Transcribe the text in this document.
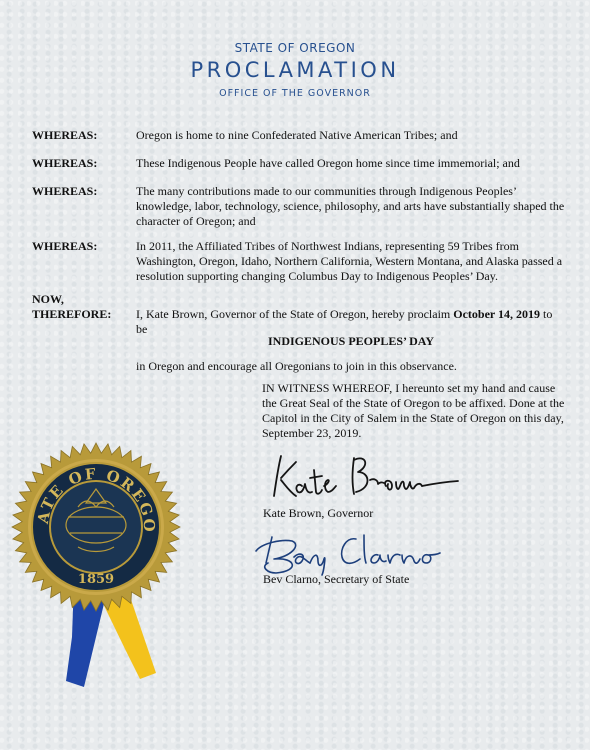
STATE OF OREGON
PROCLAMATION
OFFICE OF THE GOVERNOR
WHEREAS:	Oregon is home to nine Confederated Native American Tribes; and
WHEREAS:	These Indigenous People have called Oregon home since time immemorial; and
WHEREAS:	The many contributions made to our communities through Indigenous Peoples’ knowledge, labor, technology, science, philosophy, and arts have substantially shaped the character of Oregon; and
WHEREAS:	In 2011, the Affiliated Tribes of Northwest Indians, representing 59 Tribes from Washington, Oregon, Idaho, Northern California, Western Montana, and Alaska passed a resolution supporting changing Columbus Day to Indigenous Peoples’ Day.
NOW,
THEREFORE: I, Kate Brown, Governor of the State of Oregon, hereby proclaim October 14, 2019 to be
INDIGENOUS PEOPLES’ DAY
in Oregon and encourage all Oregonians to join in this observance.
IN WITNESS WHEREOF, I hereunto set my hand and cause the Great Seal of the State of Oregon to be affixed. Done at the Capitol in the City of Salem in the State of Oregon on this day, September 23, 2019.
Kate Brown, Governor
Bev Clarno, Secretary of State
STATE OF OREGON
1859
